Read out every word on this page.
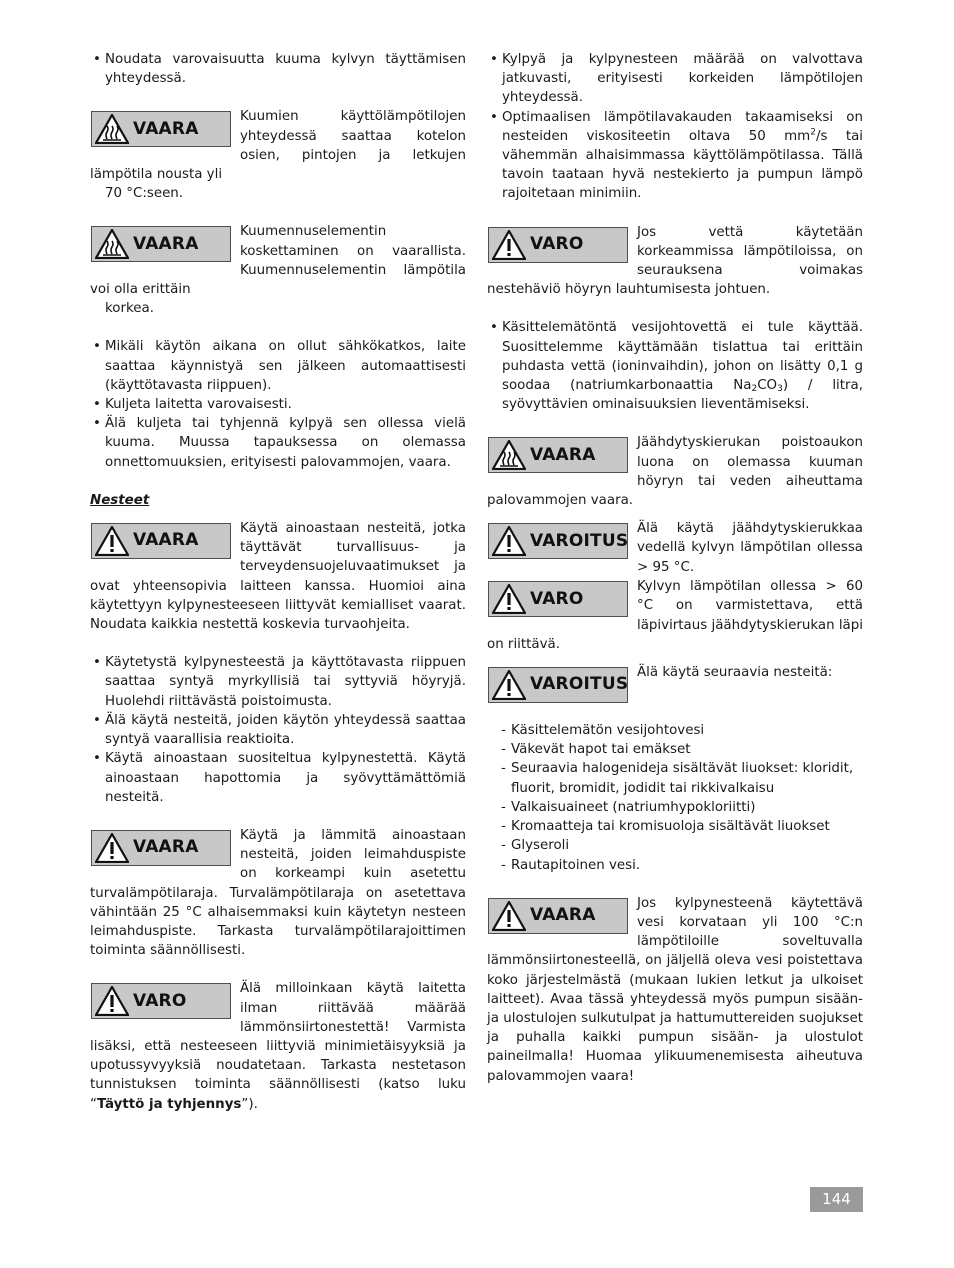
• Noudata varovaisuutta kuuma kylvyn täyttämisen yhteydessä.
VAARA
Kuumien käyttölämpötilojen yhteydessä saattaa kotelon osien, pintojen ja letkujen lämpötila nousta yli
70 °C:seen.
VAARA
Kuumennuselementin koskettaminen on vaarallista. Kuumennuselementin lämpötila voi olla erittäin
korkea.
• Mikäli käytön aikana on ollut sähkökatkos, laite saattaa käynnistyä sen jälkeen automaattisesti (käyttötavasta riippuen).
• Kuljeta laitetta varovaisesti.
• Älä kuljeta tai tyhjennä kylpyä sen ollessa vielä kuuma. Muussa tapauksessa on olemassa onnettomuuksien, erityisesti palovammojen, vaara.
Nesteet
VAARA
Käytä ainoastaan nesteitä, jotka täyttävät turvallisuus- ja terveydensuojeluvaatimukset ja ovat yhteensopivia laitteen kanssa. Huomioi aina käytettyyn kylpynesteeseen liittyvät kemialliset vaarat. Noudata kaikkia nestettä koskevia turvaohjeita.
• Käytetystä kylpynesteestä ja käyttötavasta riippuen saattaa syntyä myrkyllisiä tai syttyviä höyryjä. Huolehdi riittävästä poistoimusta.
• Älä käytä nesteitä, joiden käytön yhteydessä saattaa syntyä vaarallisia reaktioita.
• Käytä ainoastaan suositeltua kylpynestettä. Käytä ainoastaan hapottomia ja syövyttämättömiä nesteitä.
VAARA
Käytä ja lämmitä ainoastaan nesteitä, joiden leimahduspiste on korkeampi kuin asetettu turvalämpötilaraja. Turvalämpötilaraja on asetettava vähintään 25 °C alhaisemmaksi kuin käytetyn nesteen leimahduspiste. Tarkasta turvalämpötilarajoittimen toiminta säännöllisesti.
VARO
Älä milloinkaan käytä laitetta ilman riittävää määrää lämmönsiirtonestettä! Varmista lisäksi, että nesteeseen liittyviä minimietäisyyksiä ja upotussyvyyksiä noudatetaan. Tarkasta nestetason tunnistuksen toiminta säännöllisesti (katso luku “Täyttö ja tyhjennys”).
• Kylpyä ja kylpynesteen määrää on valvottava jatkuvasti, erityisesti korkeiden lämpötilojen yhteydessä.
• Optimaalisen lämpötilavakauden takaamiseksi on nesteiden viskositeetin oltava 50 $mm^2/s$ tai vähemmän alhaisimmassa käyttölämpötilassa. Tällä tavoin taataan hyvä nestekierto ja pumpun lämpö rajoitetaan minimiin.
VARO
Jos vettä käytetään korkeammissa lämpötiloissa, on seurauksena voimakas nestehäviö höyryn lauhtumisesta johtuen.
• Käsittelemätöntä vesijohtovettä ei tule käyttää. Suosittelemme käyttämään tislattua tai erittäin puhdasta vettä (ioninvaihdin), johon on lisätty 0,1 g soodaa (natriumkarbonaattia $Na_2CO_3$) / litra, syövyttävien ominaisuuksien lieventämiseksi.
VAARA
Jäähdytyskierukan poistoaukon luona on olemassa kuuman höyryn tai veden aiheuttama palovammojen vaara.
VAROITUS
Älä käytä jäähdytyskierukkaa vedellä kylvyn lämpötilan ollessa > 95 °C.
VARO
Kylvyn lämpötilan ollessa > 60 °C on varmistettava, että läpivirtaus jäähdytyskierukan läpi on riittävä.
VAROITUS
Älä käytä seuraavia nesteitä:
- Käsittelemätön vesijohtovesi
- Väkevät hapot tai emäkset
- Seuraavia halogenideja sisältävät liuokset: kloridit, fluorit, bromidit, jodidit tai rikkivalkaisu
- Valkaisuaineet (natriumhypokloriitti)
- Kromaatteja tai kromisuoloja sisältävät liuokset
- Glyseroli
- Rautapitoinen vesi.
VAARA
Jos kylpynesteenä käytettävä vesi korvataan yli 100 °C:n lämpötiloille soveltuvalla lämmönsiirtonesteellä, on jäljellä oleva vesi poistettava koko järjestelmästä (mukaan lukien letkut ja ulkoiset laitteet). Avaa tässä yhteydessä myös pumpun sisään- ja ulostulojen sulkutulpat ja hattumuttereiden suojukset ja puhalla kaikki pumpun sisään- ja ulostulot paineilmalla! Huomaa ylikuumenemisesta aiheutuva palovammojen vaara!
144
